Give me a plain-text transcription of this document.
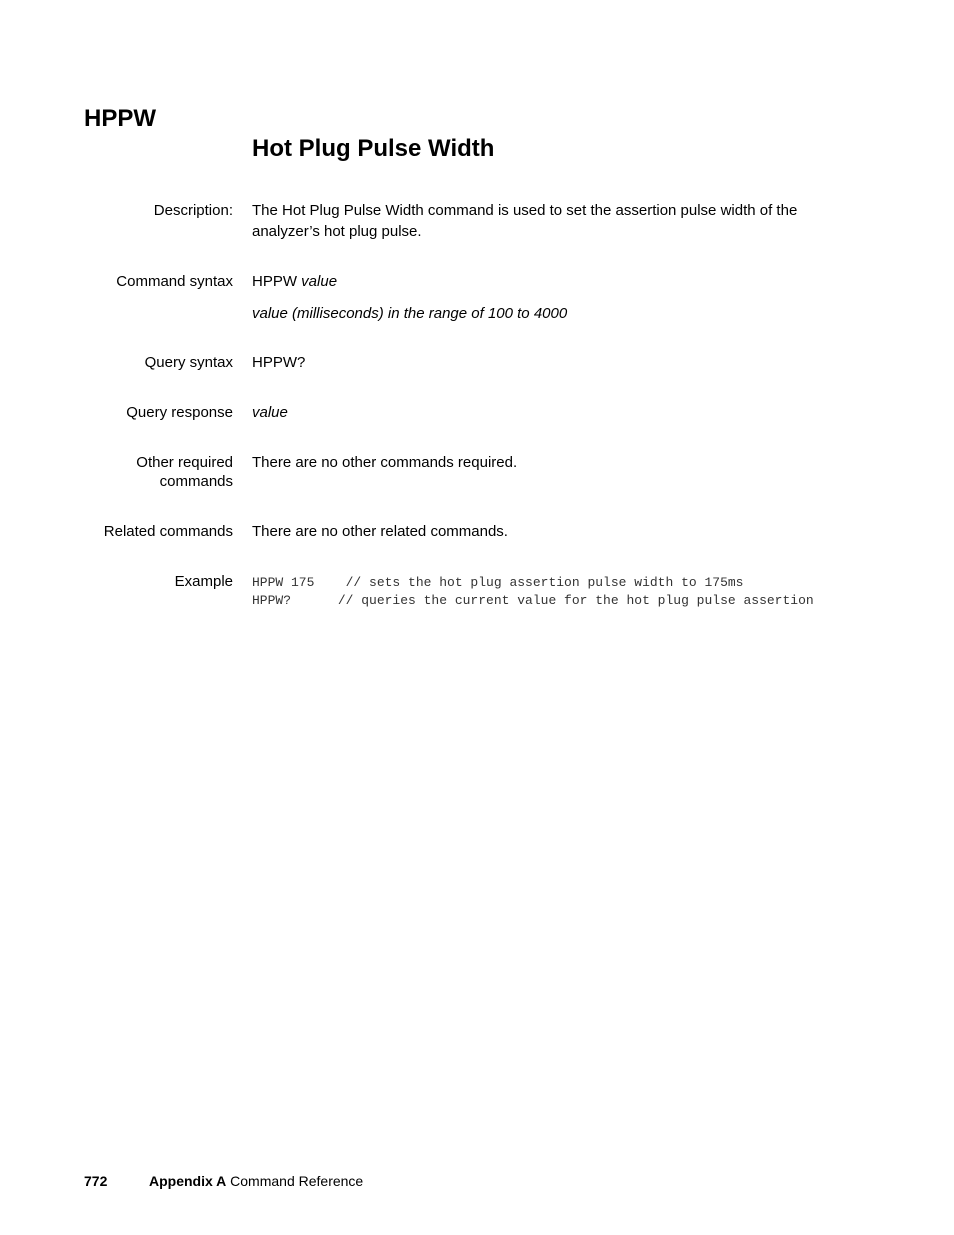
HPPW
Hot Plug Pulse Width
Description: The Hot Plug Pulse Width command is used to set the assertion pulse width of the analyzer’s hot plug pulse.
Command syntax HPPW value
value (milliseconds) in the range of 100 to 4000
Query syntax HPPW?
Query response value
Other required
commands
There are no other commands required.
Related commands There are no other related commands.
Example HPPW 175    // sets the hot plug assertion pulse width to 175ms
HPPW?      // queries the current value for the hot plug pulse assertion
772	Appendix A Command Reference
